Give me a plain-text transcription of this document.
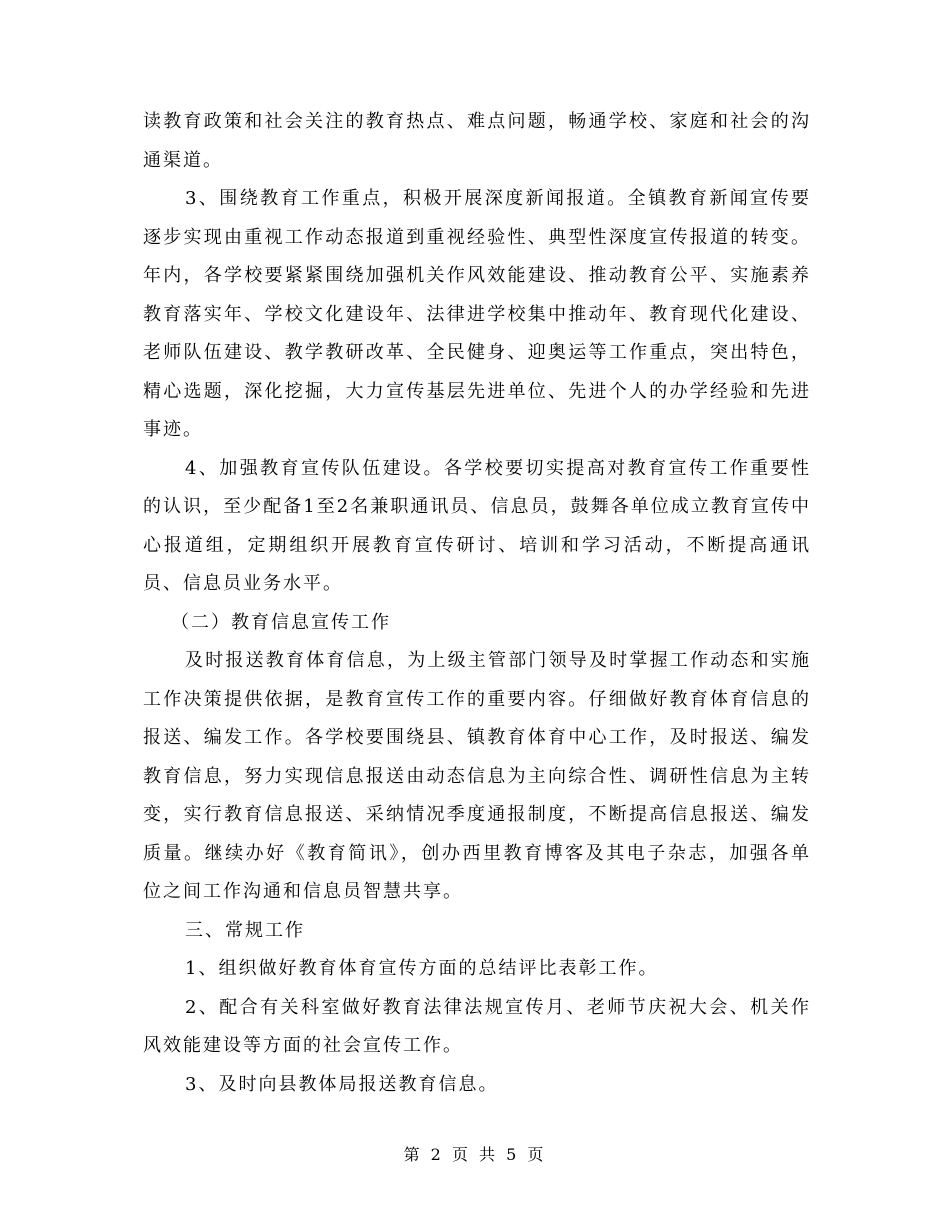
读教育政策和社会关注的教育热点、难点问题，畅通学校、家庭和社会的沟通渠道。

3、围绕教育工作重点，积极开展深度新闻报道。全镇教育新闻宣传要逐步实现由重视工作动态报道到重视经验性、典型性深度宣传报道的转变。年内，各学校要紧紧围绕加强机关作风效能建设、推动教育公平、实施素养教育落实年、学校文化建设年、法律进学校集中推动年、教育现代化建设、老师队伍建设、教学教研改革、全民健身、迎奥运等工作重点，突出特色，精心选题，深化挖掘，大力宣传基层先进单位、先进个人的办学经验和先进事迹。

4、加强教育宣传队伍建设。各学校要切实提高对教育宣传工作重要性的认识，至少配备1至2名兼职通讯员、信息员，鼓舞各单位成立教育宣传中心报道组，定期组织开展教育宣传研讨、培训和学习活动，不断提高通讯员、信息员业务水平。

（二）教育信息宣传工作

及时报送教育体育信息，为上级主管部门领导及时掌握工作动态和实施工作决策提供依据，是教育宣传工作的重要内容。仔细做好教育体育信息的报送、编发工作。各学校要围绕县、镇教育体育中心工作，及时报送、编发教育信息，努力实现信息报送由动态信息为主向综合性、调研性信息为主转变，实行教育信息报送、采纳情况季度通报制度，不断提高信息报送、编发质量。继续办好《教育简讯》，创办西里教育博客及其电子杂志，加强各单位之间工作沟通和信息员智慧共享。

三、常规工作

1、组织做好教育体育宣传方面的总结评比表彰工作。

2、配合有关科室做好教育法律法规宣传月、老师节庆祝大会、机关作风效能建设等方面的社会宣传工作。

3、及时向县教体局报送教育信息。

第 2 页 共 5 页
